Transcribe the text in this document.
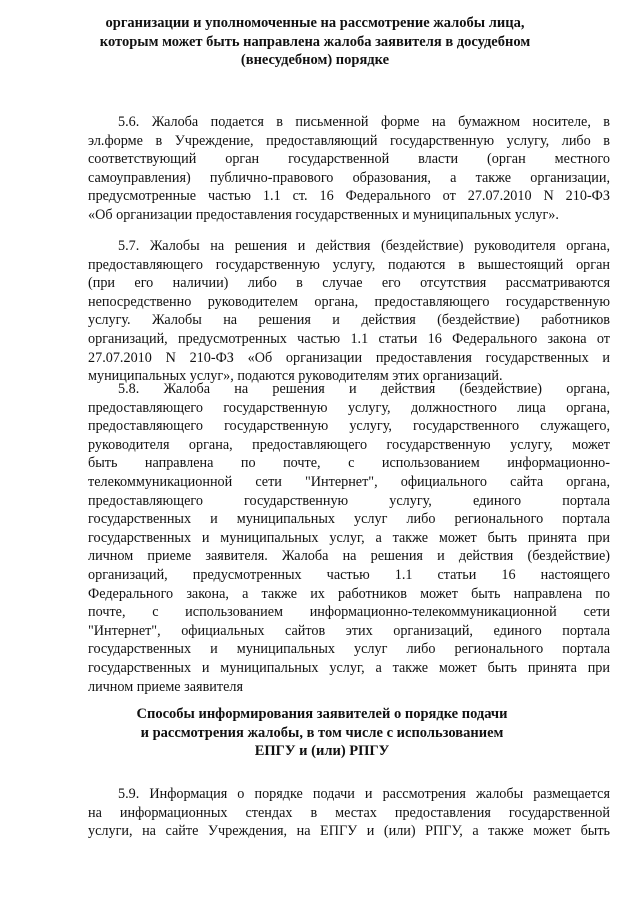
организации и уполномоченные на рассмотрение жалобы лица,
которым может быть направлена жалоба заявителя в досудебном
(внесудебном) порядке
5.6. Жалоба подается в письменной форме на бумажном носителе, в
эл.форме в Учреждение, предоставляющий государственную услугу, либо в
соответствующий орган государственной власти (орган местного
самоуправления) публично-правового образования, а также организации,
предусмотренные частью 1.1 ст. 16 Федерального от 27.07.2010 N 210-ФЗ
«Об организации предоставления государственных и муниципальных услуг».
5.7. Жалобы на решения и действия (бездействие) руководителя органа,
предоставляющего государственную услугу, подаются в вышестоящий орган
(при его наличии) либо в случае его отсутствия рассматриваются
непосредственно руководителем органа, предоставляющего государственную
услугу. Жалобы на решения и действия (бездействие) работников
организаций, предусмотренных частью 1.1 статьи 16 Федерального закона от
27.07.2010 N 210-ФЗ «Об организации предоставления государственных и
муниципальных услуг», подаются руководителям этих организаций.
5.8. Жалоба на решения и действия (бездействие) органа,
предоставляющего государственную услугу, должностного лица органа,
предоставляющего государственную услугу, государственного служащего,
руководителя органа, предоставляющего государственную услугу, может
быть направлена по почте, с использованием информационно-
телекоммуникационной сети "Интернет", официального сайта органа,
предоставляющего государственную услугу, единого портала
государственных и муниципальных услуг либо регионального портала
государственных и муниципальных услуг, а также может быть принята при
личном приеме заявителя. Жалоба на решения и действия (бездействие)
организаций, предусмотренных частью 1.1 статьи 16 настоящего
Федерального закона, а также их работников может быть направлена по
почте, с использованием информационно-телекоммуникационной сети
"Интернет", официальных сайтов этих организаций, единого портала
государственных и муниципальных услуг либо регионального портала
государственных и муниципальных услуг, а также может быть принята при
личном приеме заявителя
Способы информирования заявителей о порядке подачи
и рассмотрения жалобы, в том числе с использованием
ЕПГУ и (или) РПГУ
5.9. Информация о порядке подачи и рассмотрения жалобы размещается
на информационных стендах в местах предоставления государственной
услуги, на сайте Учреждения, на ЕПГУ и (или) РПГУ, а также может быть
